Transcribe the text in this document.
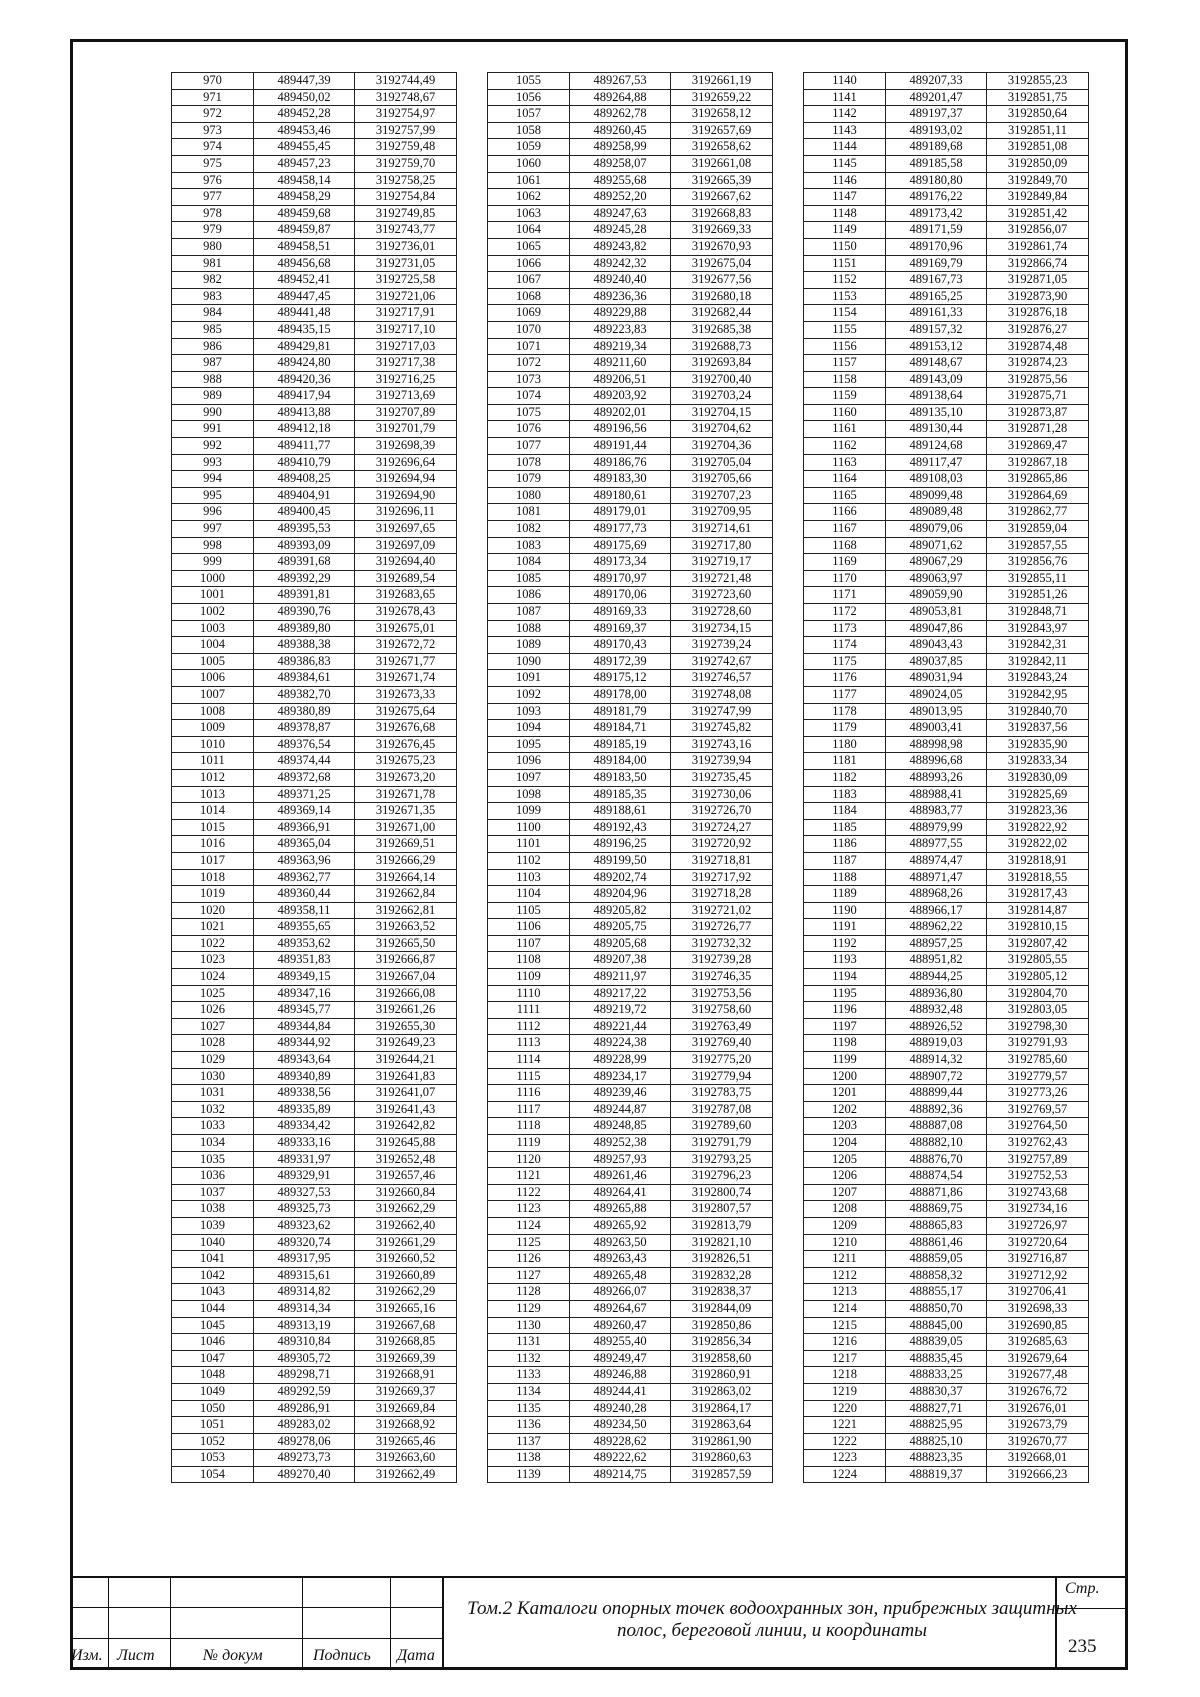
970	489447,39	3192744,49
971	489450,02	3192748,67
972	489452,28	3192754,97
973	489453,46	3192757,99
974	489455,45	3192759,48
975	489457,23	3192759,70
976	489458,14	3192758,25
977	489458,29	3192754,84
978	489459,68	3192749,85
979	489459,87	3192743,77
980	489458,51	3192736,01
981	489456,68	3192731,05
982	489452,41	3192725,58
983	489447,45	3192721,06
984	489441,48	3192717,91
985	489435,15	3192717,10
986	489429,81	3192717,03
987	489424,80	3192717,38
988	489420,36	3192716,25
989	489417,94	3192713,69
990	489413,88	3192707,89
991	489412,18	3192701,79
992	489411,77	3192698,39
993	489410,79	3192696,64
994	489408,25	3192694,94
995	489404,91	3192694,90
996	489400,45	3192696,11
997	489395,53	3192697,65
998	489393,09	3192697,09
999	489391,68	3192694,40
1000	489392,29	3192689,54
1001	489391,81	3192683,65
1002	489390,76	3192678,43
1003	489389,80	3192675,01
1004	489388,38	3192672,72
1005	489386,83	3192671,77
1006	489384,61	3192671,74
1007	489382,70	3192673,33
1008	489380,89	3192675,64
1009	489378,87	3192676,68
1010	489376,54	3192676,45
1011	489374,44	3192675,23
1012	489372,68	3192673,20
1013	489371,25	3192671,78
1014	489369,14	3192671,35
1015	489366,91	3192671,00
1016	489365,04	3192669,51
1017	489363,96	3192666,29
1018	489362,77	3192664,14
1019	489360,44	3192662,84
1020	489358,11	3192662,81
1021	489355,65	3192663,52
1022	489353,62	3192665,50
1023	489351,83	3192666,87
1024	489349,15	3192667,04
1025	489347,16	3192666,08
1026	489345,77	3192661,26
1027	489344,84	3192655,30
1028	489344,92	3192649,23
1029	489343,64	3192644,21
1030	489340,89	3192641,83
1031	489338,56	3192641,07
1032	489335,89	3192641,43
1033	489334,42	3192642,82
1034	489333,16	3192645,88
1035	489331,97	3192652,48
1036	489329,91	3192657,46
1037	489327,53	3192660,84
1038	489325,73	3192662,29
1039	489323,62	3192662,40
1040	489320,74	3192661,29
1041	489317,95	3192660,52
1042	489315,61	3192660,89
1043	489314,82	3192662,29
1044	489314,34	3192665,16
1045	489313,19	3192667,68
1046	489310,84	3192668,85
1047	489305,72	3192669,39
1048	489298,71	3192668,91
1049	489292,59	3192669,37
1050	489286,91	3192669,84
1051	489283,02	3192668,92
1052	489278,06	3192665,46
1053	489273,73	3192663,60
1054	489270,40	3192662,49
1055	489267,53	3192661,19
1056	489264,88	3192659,22
1057	489262,78	3192658,12
1058	489260,45	3192657,69
1059	489258,99	3192658,62
1060	489258,07	3192661,08
1061	489255,68	3192665,39
1062	489252,20	3192667,62
1063	489247,63	3192668,83
1064	489245,28	3192669,33
1065	489243,82	3192670,93
1066	489242,32	3192675,04
1067	489240,40	3192677,56
1068	489236,36	3192680,18
1069	489229,88	3192682,44
1070	489223,83	3192685,38
1071	489219,34	3192688,73
1072	489211,60	3192693,84
1073	489206,51	3192700,40
1074	489203,92	3192703,24
1075	489202,01	3192704,15
1076	489196,56	3192704,62
1077	489191,44	3192704,36
1078	489186,76	3192705,04
1079	489183,30	3192705,66
1080	489180,61	3192707,23
1081	489179,01	3192709,95
1082	489177,73	3192714,61
1083	489175,69	3192717,80
1084	489173,34	3192719,17
1085	489170,97	3192721,48
1086	489170,06	3192723,60
1087	489169,33	3192728,60
1088	489169,37	3192734,15
1089	489170,43	3192739,24
1090	489172,39	3192742,67
1091	489175,12	3192746,57
1092	489178,00	3192748,08
1093	489181,79	3192747,99
1094	489184,71	3192745,82
1095	489185,19	3192743,16
1096	489184,00	3192739,94
1097	489183,50	3192735,45
1098	489185,35	3192730,06
1099	489188,61	3192726,70
1100	489192,43	3192724,27
1101	489196,25	3192720,92
1102	489199,50	3192718,81
1103	489202,74	3192717,92
1104	489204,96	3192718,28
1105	489205,82	3192721,02
1106	489205,75	3192726,77
1107	489205,68	3192732,32
1108	489207,38	3192739,28
1109	489211,97	3192746,35
1110	489217,22	3192753,56
1111	489219,72	3192758,60
1112	489221,44	3192763,49
1113	489224,38	3192769,40
1114	489228,99	3192775,20
1115	489234,17	3192779,94
1116	489239,46	3192783,75
1117	489244,87	3192787,08
1118	489248,85	3192789,60
1119	489252,38	3192791,79
1120	489257,93	3192793,25
1121	489261,46	3192796,23
1122	489264,41	3192800,74
1123	489265,88	3192807,57
1124	489265,92	3192813,79
1125	489263,50	3192821,10
1126	489263,43	3192826,51
1127	489265,48	3192832,28
1128	489266,07	3192838,37
1129	489264,67	3192844,09
1130	489260,47	3192850,86
1131	489255,40	3192856,34
1132	489249,47	3192858,60
1133	489246,88	3192860,91
1134	489244,41	3192863,02
1135	489240,28	3192864,17
1136	489234,50	3192863,64
1137	489228,62	3192861,90
1138	489222,62	3192860,63
1139	489214,75	3192857,59
1140	489207,33	3192855,23
1141	489201,47	3192851,75
1142	489197,37	3192850,64
1143	489193,02	3192851,11
1144	489189,68	3192851,08
1145	489185,58	3192850,09
1146	489180,80	3192849,70
1147	489176,22	3192849,84
1148	489173,42	3192851,42
1149	489171,59	3192856,07
1150	489170,96	3192861,74
1151	489169,79	3192866,74
1152	489167,73	3192871,05
1153	489165,25	3192873,90
1154	489161,33	3192876,18
1155	489157,32	3192876,27
1156	489153,12	3192874,48
1157	489148,67	3192874,23
1158	489143,09	3192875,56
1159	489138,64	3192875,71
1160	489135,10	3192873,87
1161	489130,44	3192871,28
1162	489124,68	3192869,47
1163	489117,47	3192867,18
1164	489108,03	3192865,86
1165	489099,48	3192864,69
1166	489089,48	3192862,77
1167	489079,06	3192859,04
1168	489071,62	3192857,55
1169	489067,29	3192856,76
1170	489063,97	3192855,11
1171	489059,90	3192851,26
1172	489053,81	3192848,71
1173	489047,86	3192843,97
1174	489043,43	3192842,31
1175	489037,85	3192842,11
1176	489031,94	3192843,24
1177	489024,05	3192842,95
1178	489013,95	3192840,70
1179	489003,41	3192837,56
1180	488998,98	3192835,90
1181	488996,68	3192833,34
1182	488993,26	3192830,09
1183	488988,41	3192825,69
1184	488983,77	3192823,36
1185	488979,99	3192822,92
1186	488977,55	3192822,02
1187	488974,47	3192818,91
1188	488971,47	3192818,55
1189	488968,26	3192817,43
1190	488966,17	3192814,87
1191	488962,22	3192810,15
1192	488957,25	3192807,42
1193	488951,82	3192805,55
1194	488944,25	3192805,12
1195	488936,80	3192804,70
1196	488932,48	3192803,05
1197	488926,52	3192798,30
1198	488919,03	3192791,93
1199	488914,32	3192785,60
1200	488907,72	3192779,57
1201	488899,44	3192773,26
1202	488892,36	3192769,57
1203	488887,08	3192764,50
1204	488882,10	3192762,43
1205	488876,70	3192757,89
1206	488874,54	3192752,53
1207	488871,86	3192743,68
1208	488869,75	3192734,16
1209	488865,83	3192726,97
1210	488861,46	3192720,64
1211	488859,05	3192716,87
1212	488858,32	3192712,92
1213	488855,17	3192706,41
1214	488850,70	3192698,33
1215	488845,00	3192690,85
1216	488839,05	3192685,63
1217	488835,45	3192679,64
1218	488833,25	3192677,48
1219	488830,37	3192676,72
1220	488827,71	3192676,01
1221	488825,95	3192673,79
1222	488825,10	3192670,77
1223	488823,35	3192668,01
1224	488819,37	3192666,23
Изм. Лист	№ докум	Подпись Дата
Том.2 Каталоги опорных точек водоохранных зон, прибрежных защитных полос, береговой линии, и координаты
Стр.
235
